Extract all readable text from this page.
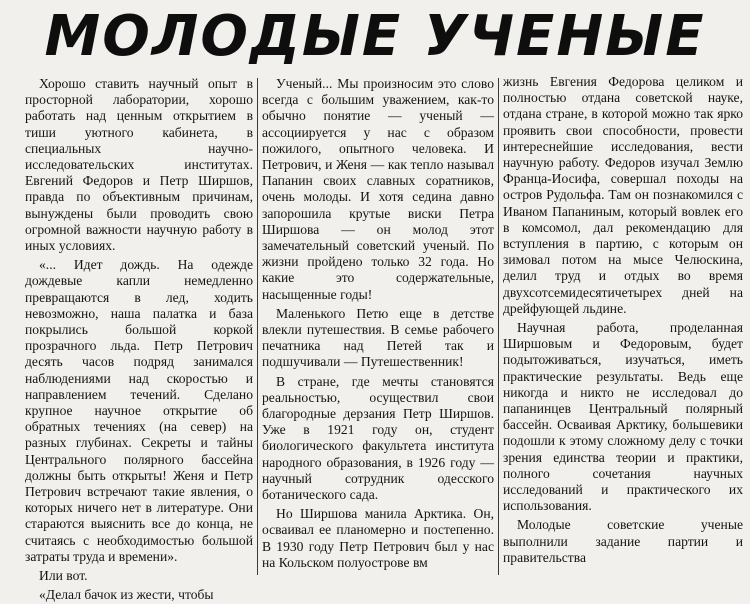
МОЛОДЫЕ УЧЕНЫЕ

Хорошо ставить научный опыт в просторной лаборатории, хорошо работать над ценным открытием в тиши уютного кабинета, в специальных научно-исследовательских институтах. Евгений Федоров и Петр Ширшов, правда по объективным причинам, вынуждены были проводить свою огромной важности научную работу в иных условиях.

«... Идет дождь. На одежде дождевые капли немедленно превращаются в лед, ходить невозможно, наша палатка и база покрылись большой коркой прозрачного льда. Петр Петрович десять часов подряд занимался наблюдениями над скоростью и направлением течений. Сделано крупное научное открытие об обратных течениях (на север) на разных глубинах. Секреты и тайны Центрального полярного бассейна должны быть открыты! Женя и Петр Петрович встречают такие явления, о которых ничего нет в литературе. Они стараются выяснить все до конца, не считаясь с необходимостью большой затраты труда и времени».

Или вот.

«Делал бачок из жести, чтобы

Ученый... Мы произносим это слово всегда с большим уважением, как-то обычно понятие — ученый — ассоциируется у нас с образом пожилого, опытного человека. И Петрович, и Женя — как тепло называл Папанин своих славных соратников, очень молоды. И хотя седина давно запорошила крутые виски Петра Ширшова — он молод этот замечательный советский ученый. По жизни пройдено только 32 года. Но какие это содержательные, насыщенные годы!

Маленького Петю еще в детстве влекли путешествия. В семье рабочего печатника над Петей так и подшучивали — Путешественник!

В стране, где мечты становятся реальностью, осуществил свои благородные дерзания Петр Ширшов. Уже в 1921 году он, студент биологического факультета института народного образования, в 1926 году — научный сотрудник одесского ботанического сада.

Но Ширшова манила Арктика. Он, осваивал ее планомерно и постепенно. В 1930 году Петр Петрович был у нас на Кольском полуострове вм

жизнь Евгения Федорова целиком и полностью отдана советской науке, отдана стране, в которой можно так ярко проявить свои способности, провести интереснейшие исследования, вести научную работу. Федоров изучал Землю Франца-Иосифа, совершал походы на остров Рудольфа. Там он познакомился с Иваном Папаниным, который вовлек его в комсомол, дал рекомендацию для вступления в партию, с которым он зимовал потом на мысе Челюскина, делил труд и отдых во время двухсотсемидесятичетырех дней на дрейфующей льдине.

Научная работа, проделанная Ширшовым и Федоровым, будет подытоживаться, изучаться, иметь практические результаты. Ведь еще никогда и никто не исследовал до папанинцев Центральный полярный бассейн. Осваивая Арктику, большевики подошли к этому сложному делу с точки зрения единства теории и практики, полного сочетания научных исследований и практического их использования.

Молодые советские ученые выполнили задание партии и правительства
